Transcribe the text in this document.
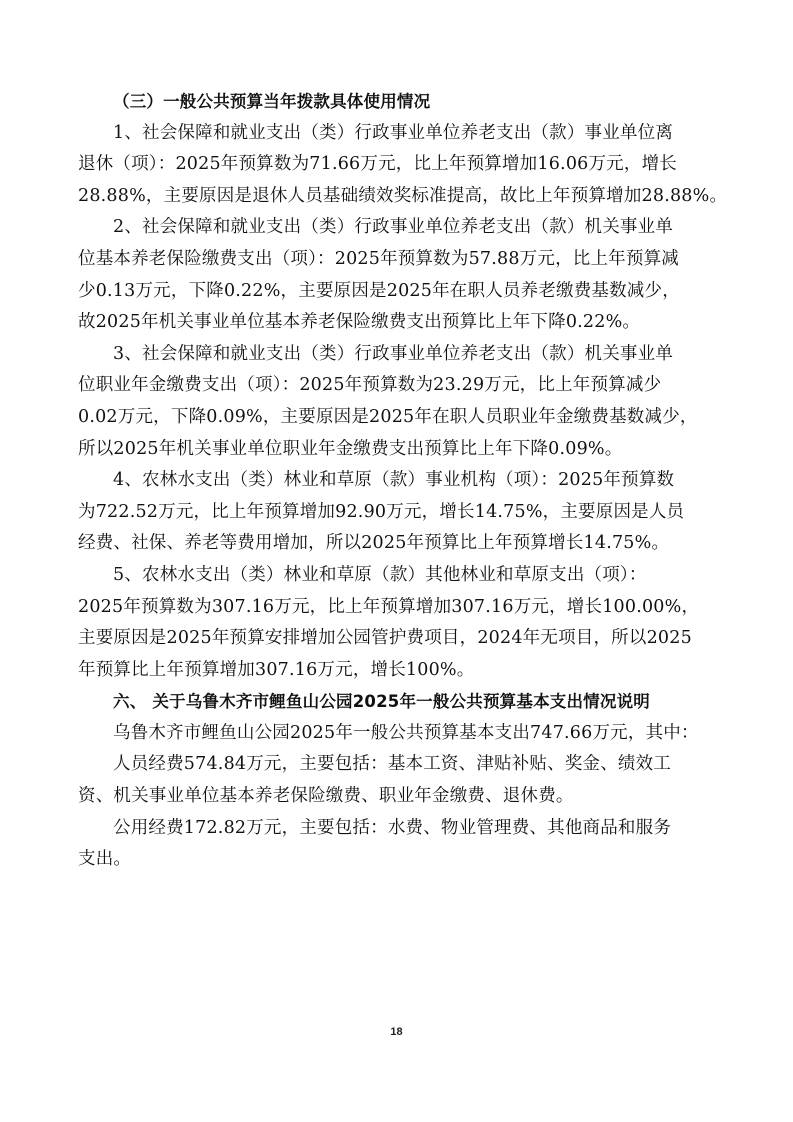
（三）一般公共预算当年拨款具体使用情况
1、社会保障和就业支出（类）行政事业单位养老支出（款）事业单位离
退休（项）：2025年预算数为71.66万元，比上年预算增加16.06万元，增长
28.88%，主要原因是退休人员基础绩效奖标准提高，故比上年预算增加28.88%。
2、社会保障和就业支出（类）行政事业单位养老支出（款）机关事业单
位基本养老保险缴费支出（项）：2025年预算数为57.88万元，比上年预算减
少0.13万元，下降0.22%，主要原因是2025年在职人员养老缴费基数减少，
故2025年机关事业单位基本养老保险缴费支出预算比上年下降0.22%。
3、社会保障和就业支出（类）行政事业单位养老支出（款）机关事业单
位职业年金缴费支出（项）：2025年预算数为23.29万元，比上年预算减少
0.02万元，下降0.09%，主要原因是2025年在职人员职业年金缴费基数减少，
所以2025年机关事业单位职业年金缴费支出预算比上年下降0.09%。
4、农林水支出（类）林业和草原（款）事业机构（项）：2025年预算数
为722.52万元，比上年预算增加92.90万元，增长14.75%，主要原因是人员
经费、社保、养老等费用增加，所以2025年预算比上年预算增长14.75%。
5、农林水支出（类）林业和草原（款）其他林业和草原支出（项）：
2025年预算数为307.16万元，比上年预算增加307.16万元，增长100.00%，
主要原因是2025年预算安排增加公园管护费项目，2024年无项目，所以2025
年预算比上年预算增加307.16万元，增长100%。
六、 关于乌鲁木齐市鲤鱼山公园2025年一般公共预算基本支出情况说明
乌鲁木齐市鲤鱼山公园2025年一般公共预算基本支出747.66万元，其中：
人员经费574.84万元，主要包括：基本工资、津贴补贴、奖金、绩效工
资、机关事业单位基本养老保险缴费、职业年金缴费、退休费。
公用经费172.82万元，主要包括：水费、物业管理费、其他商品和服务
支出。
18
